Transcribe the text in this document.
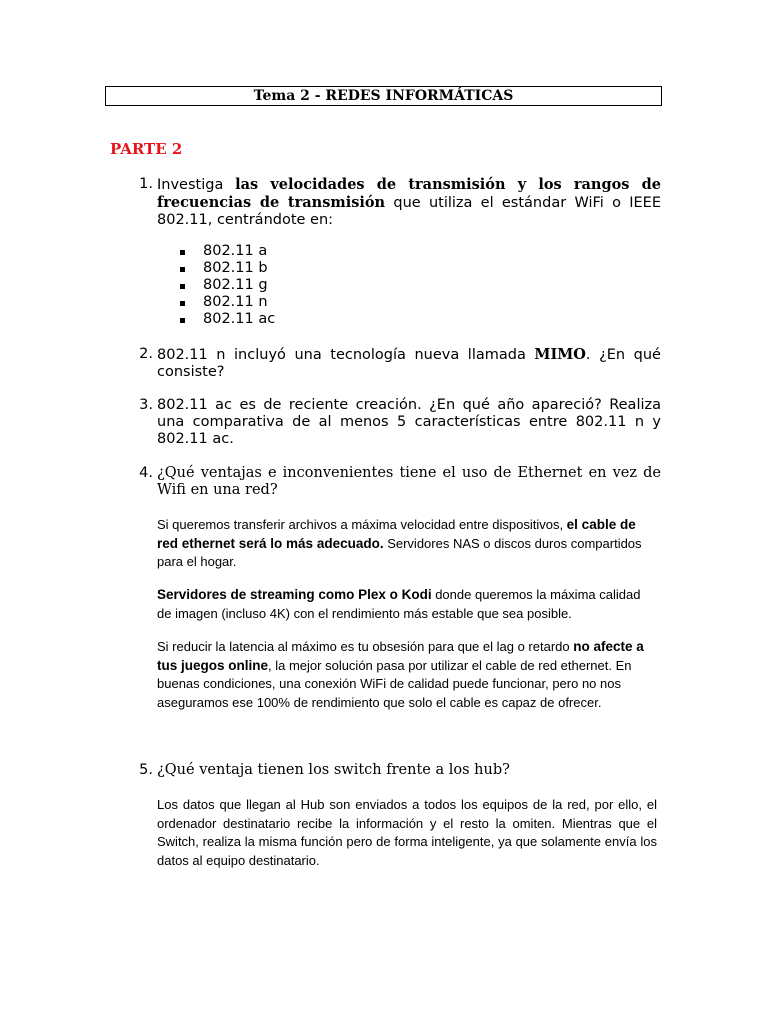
Tema 2 - REDES INFORMÁTICAS
PARTE 2
1. Investiga las velocidades de transmisión y los rangos de frecuencias de transmisión que utiliza el estándar WiFi o IEEE 802.11, centrándote en:
802.11 a
802.11 b
802.11 g
802.11 n
802.11 ac
2. 802.11 n incluyó una tecnología nueva llamada MIMO. ¿En qué consiste?
3. 802.11 ac es de reciente creación. ¿En qué año apareció? Realiza una comparativa de al menos 5 características entre 802.11 n y 802.11 ac.
4. ¿Qué ventajas e inconvenientes tiene el uso de Ethernet en vez de Wifi en una red?
Si queremos transferir archivos a máxima velocidad entre dispositivos, el cable de red ethernet será lo más adecuado. Servidores NAS o discos duros compartidos para el hogar.
Servidores de streaming como Plex o Kodi donde queremos la máxima calidad de imagen (incluso 4K) con el rendimiento más estable que sea posible.
Si reducir la latencia al máximo es tu obsesión para que el lag o retardo no afecte a tus juegos online, la mejor solución pasa por utilizar el cable de red ethernet. En buenas condiciones, una conexión WiFi de calidad puede funcionar, pero no nos aseguramos ese 100% de rendimiento que solo el cable es capaz de ofrecer.
5. ¿Qué ventaja tienen los switch frente a los hub?
Los datos que llegan al Hub son enviados a todos los equipos de la red, por ello, el ordenador destinatario recibe la información y el resto la omiten. Mientras que el Switch, realiza la misma función pero de forma inteligente, ya que solamente envía los datos al equipo destinatario.
